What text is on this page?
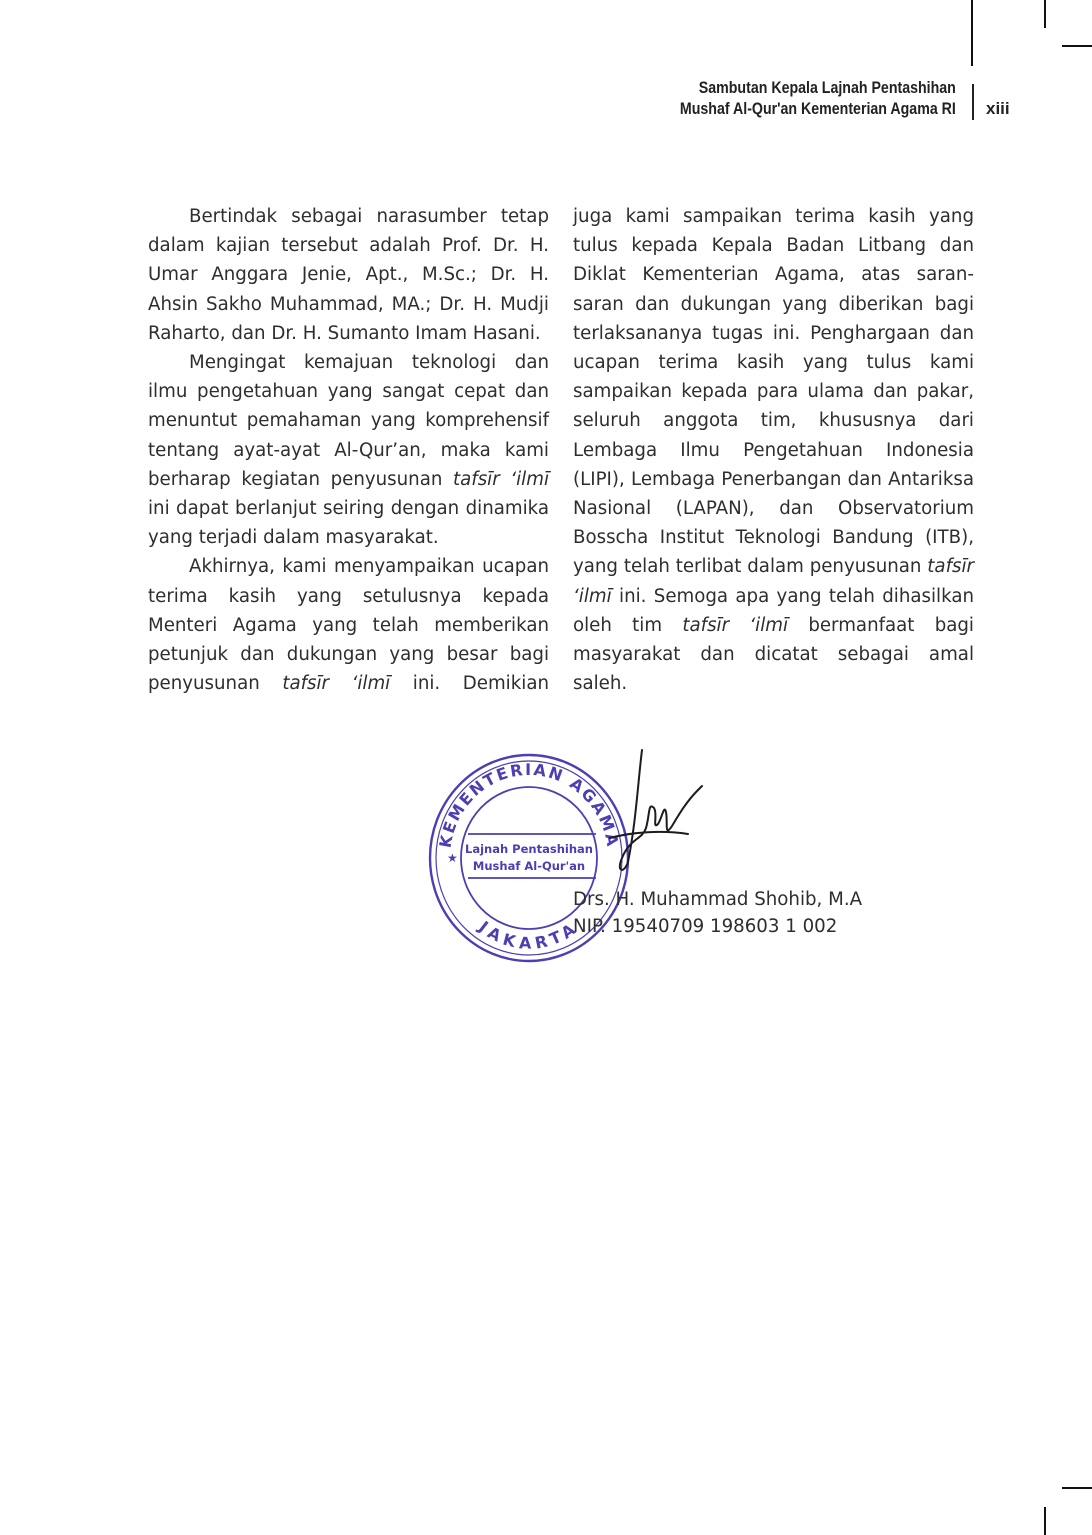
Sambutan Kepala Lajnah Pentashihan
Mushaf Al-Qur'an Kementerian Agama RI xiii

Bertindak sebagai narasumber tetap dalam kajian tersebut adalah Prof. Dr. H. Umar Anggara Jenie, Apt., M.Sc.; Dr. H. Ahsin Sakho Muhammad, MA.; Dr. H. Mudji Raharto, dan Dr. H. Sumanto Imam Hasani.

Mengingat kemajuan teknologi dan ilmu pengetahuan yang sangat cepat dan menuntut pemahaman yang komprehensif tentang ayat-ayat Al-Qur’an, maka kami berharap kegiatan penyusunan tafsīr ‘ilmī ini dapat berlanjut seiring dengan dinamika yang terjadi dalam masyarakat.

Akhirnya, kami menyampaikan ucapan terima kasih yang setulusnya kepada Menteri Agama yang telah memberikan petunjuk dan dukungan yang besar bagi penyusunan tafsīr ‘ilmī ini. Demikian

juga kami sampaikan terima kasih yang tulus kepada Kepala Badan Litbang dan Diklat Kementerian Agama, atas saran-saran dan dukungan yang diberikan bagi terlaksananya tugas ini. Penghargaan dan ucapan terima kasih yang tulus kami sampaikan kepada para ulama dan pakar, seluruh anggota tim, khususnya dari Lembaga Ilmu Pengetahuan Indonesia (LIPI), Lembaga Penerbangan dan Antariksa Nasional (LAPAN), dan Observatorium Bosscha Institut Teknologi Bandung (ITB), yang telah terlibat dalam penyusunan tafsīr ‘ilmī ini. Semoga apa yang telah dihasilkan oleh tim tafsīr ‘ilmī bermanfaat bagi masyarakat dan dicatat sebagai amal saleh.

KEMENTERIAN AGAMA
JAKARTA
★
Lajnah Pentashihan
Mushaf Al-Qur'an
Drs. H. Muhammad Shohib, M.A
NIP. 19540709 198603 1 002
